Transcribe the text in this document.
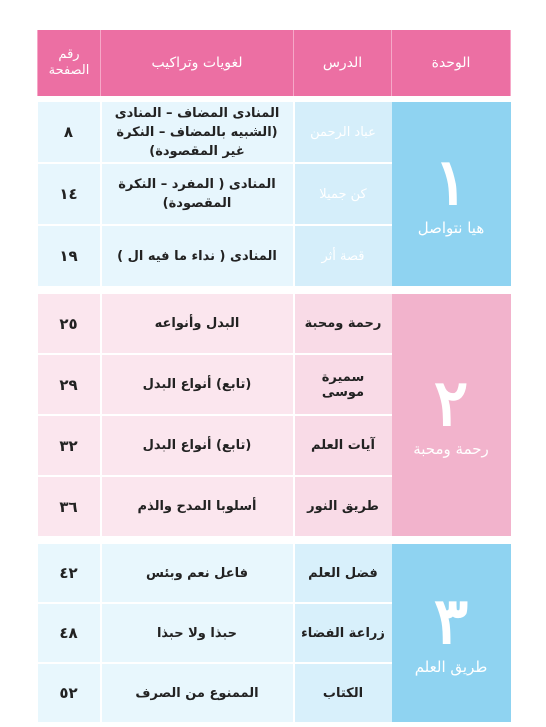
الوحدة	الدرس	لغويات وتراكيب	رقم الصفحة

١
هيا نتواصل	عباد الرحمن	المنادى المضاف – المنادى (الشبيه بالمضاف – النكرة غير المقصودة)	٨
	كن جميلا	المنادى ( المفرد – النكرة المقصودة)	١٤
	قصة أثر	المنادى ( نداء ما فيه ال )	١٩

٢
رحمة ومحبة	رحمة ومحبة	البدل وأنواعه	٢٥
	سميرة موسى	(تابع) أنواع البدل	٢٩
	آيات العلم	(تابع) أنواع البدل	٣٢
	طريق النور	أسلوبا المدح والذم	٣٦

٣
طريق العلم	فضل العلم	فاعل نعم وبئس	٤٢
	زراعة الفضاء	حبذا ولا حبذا	٤٨
	الكتاب	الممنوع من الصرف	٥٢
